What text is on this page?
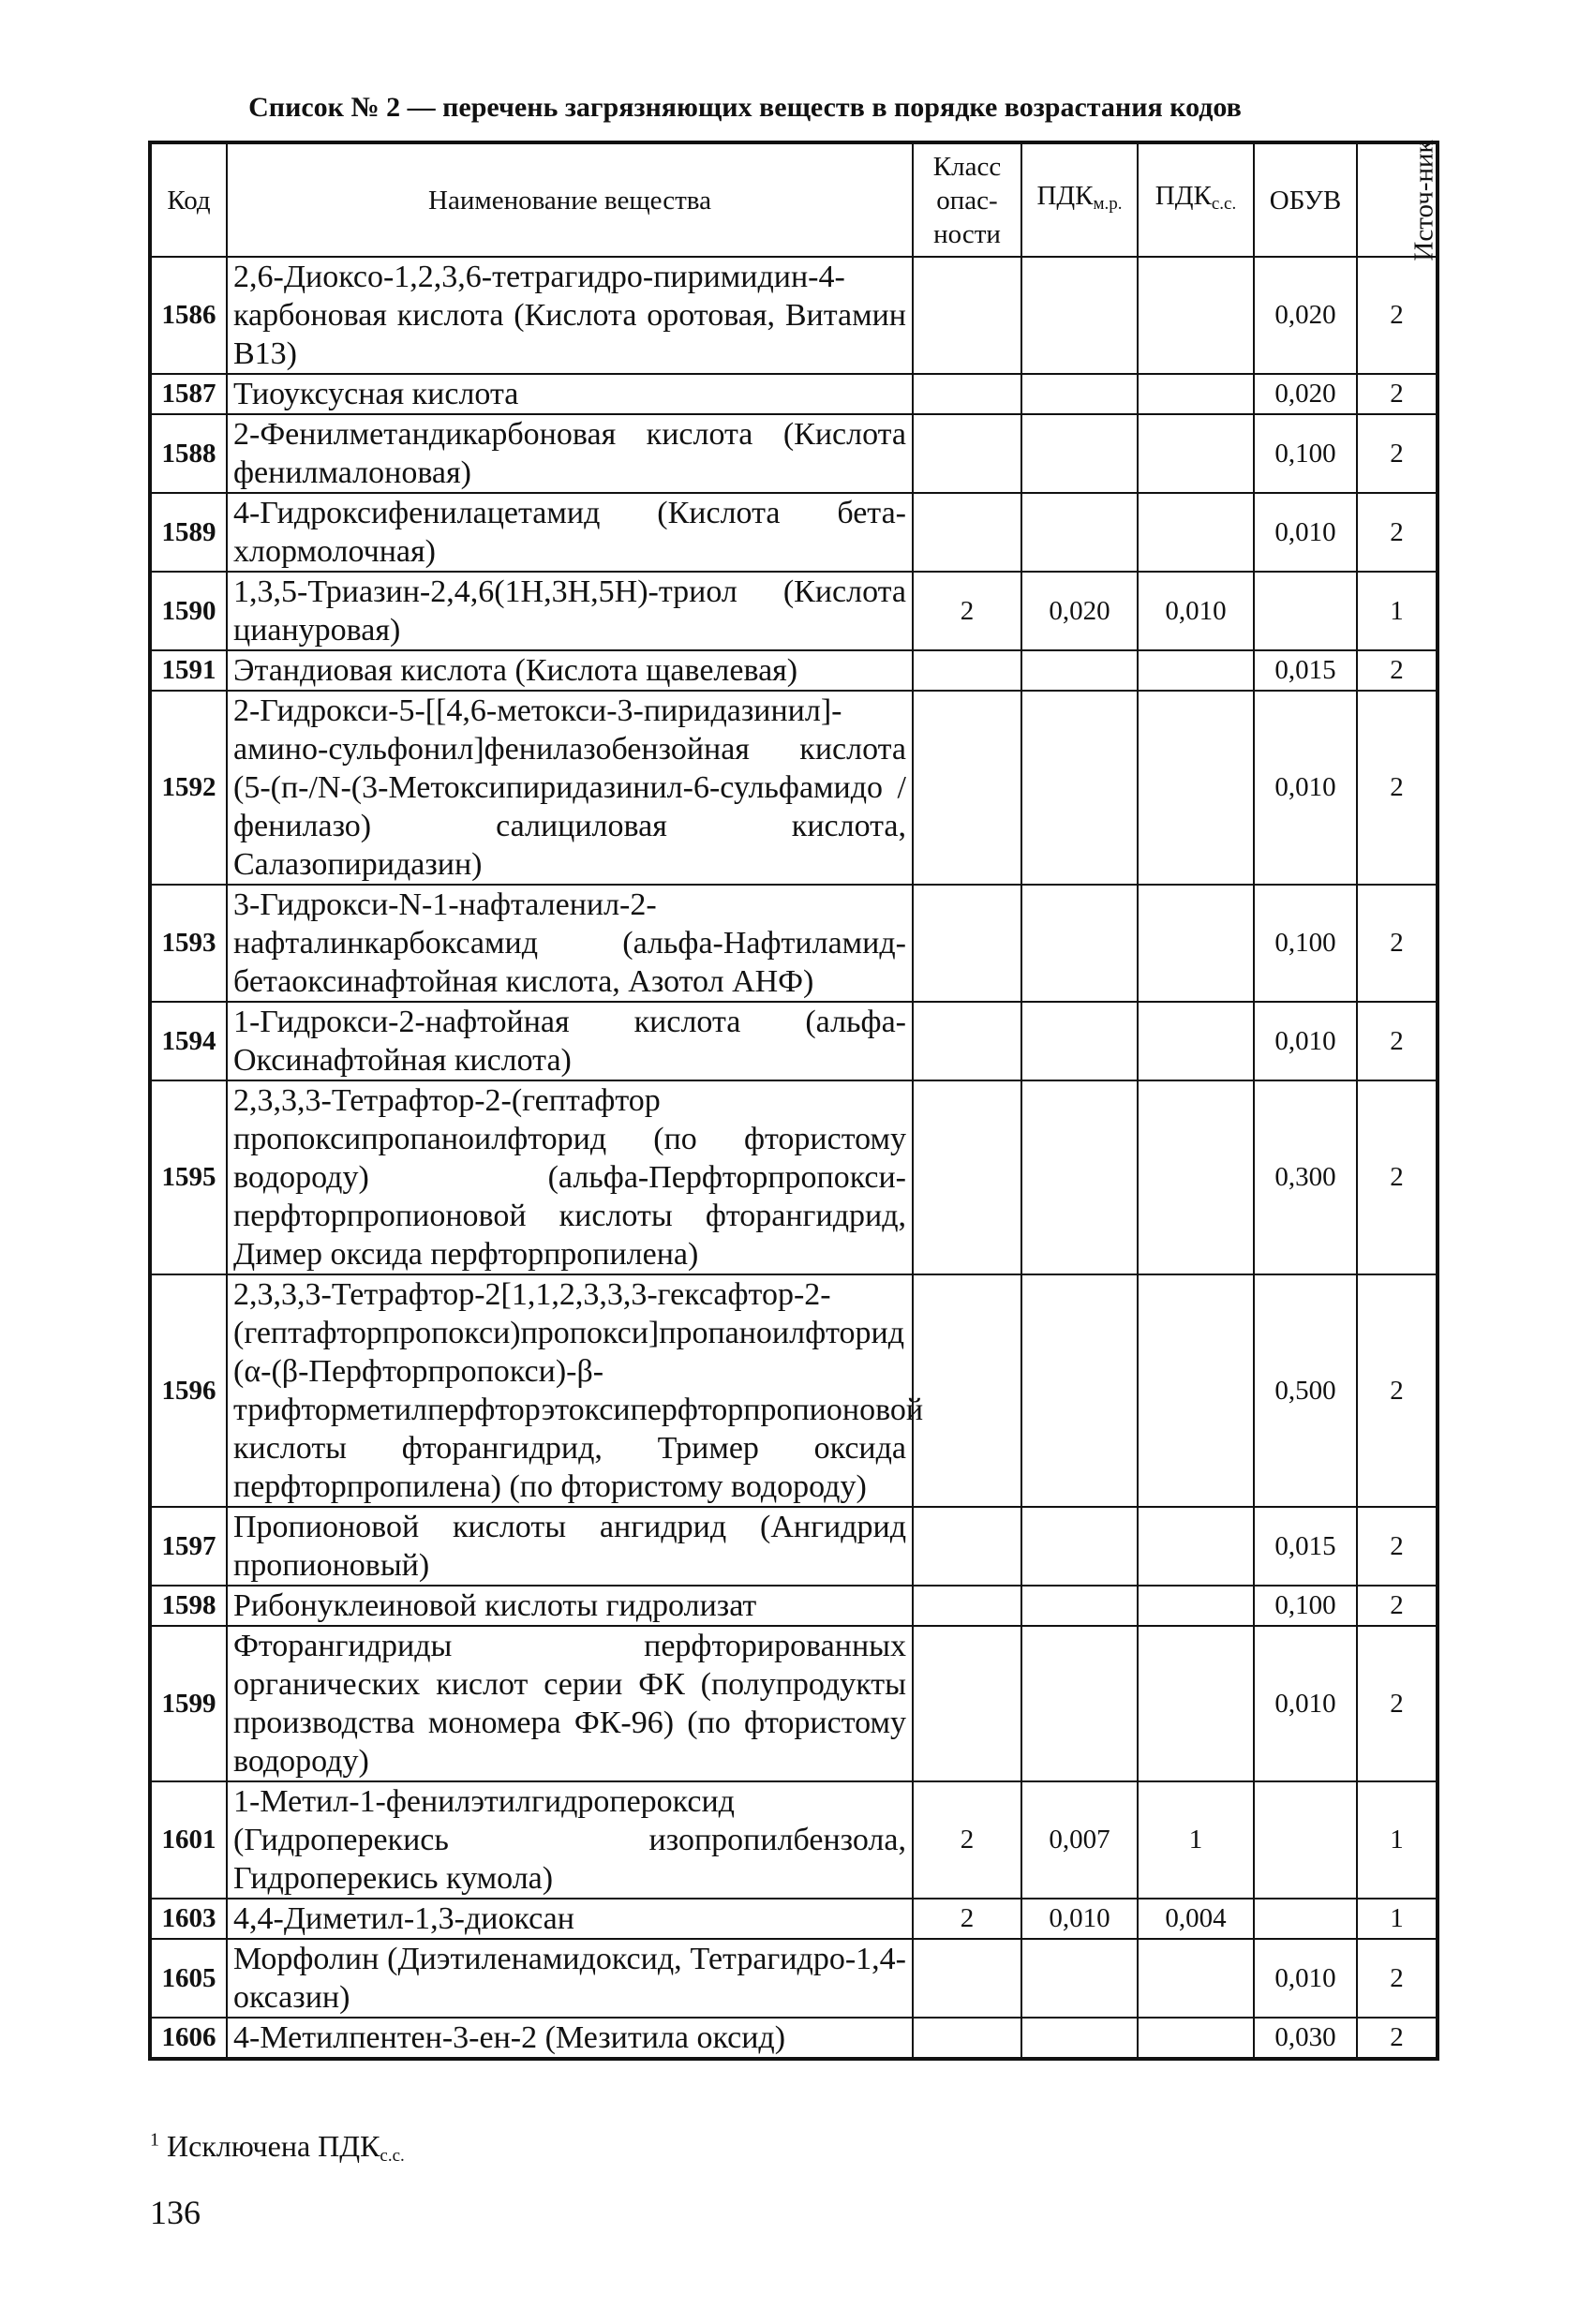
Список № 2 — перечень загрязняющих веществ в порядке возрастания кодов
Код	Наименование вещества	Класс опас-ности	$ПДК_{м.р.}$	$ПДК_{с.с.}$	ОБУВ	Источ-ник
1586	2,6-Диоксо-1,2,3,6-тетрагидро-пиримидин-4-карбоновая кислота (Кислота оротовая, Витамин B13)				0,020	2
1587	Тиоуксусная кислота				0,020	2
1588	2-Фенилметандикарбоновая кислота (Кислота фенилмалоновая)				0,100	2
1589	4-Гидроксифенилацетамид (Кислота бета-хлормолочная)				0,010	2
1590	1,3,5-Триазин-2,4,6(1H,3H,5H)-триол (Кислота циануровая)	2	0,020	0,010		1
1591	Этандиовая кислота (Кислота щавелевая)				0,015	2
1592	2-Гидрокси-5-[[4,6-метокси-3-пиридазинил]-амино-сульфонил]фенилазобензойная кислота (5-(п-/N-(3-Метоксипиридазинил-6-сульфамидо / фенилазо) салициловая кислота, Салазопиридазин)				0,010	2
1593	3-Гидрокси-N-1-нафталенил-2-нафталинкарбоксамид (альфа-Нафтиламид-бетаоксинафтойная кислота, Азотол АНФ)				0,100	2
1594	1-Гидрокси-2-нафтойная кислота (альфа-Оксинафтойная кислота)				0,010	2
1595	2,3,3,3-Тетрафтор-2-(гептафтор пропоксипропаноилфторид (по фтористому водороду) (альфа-Перфторпропокси-перфторпропионовой кислоты фторангидрид, Димер оксида перфторпропилена)				0,300	2
1596	2,3,3,3-Тетрафтор-2[1,1,2,3,3,3-гексафтор-2-(гептафторпропокси)пропокси]пропаноилфторид (α-(β-Перфторпропокси)-β-трифторметилперфторэтоксиперфторпропионовой кислоты фторангидрид, Тример оксида перфторпропилена) (по фтористому водороду)				0,500	2
1597	Пропионовой кислоты ангидрид (Ангидрид пропионовый)				0,015	2
1598	Рибонуклеиновой кислоты гидролизат				0,100	2
1599	Фторангидриды перфторированных органических кислот серии ФК (полупродукты производства мономера ФК-96) (по фтористому водороду)				0,010	2
1601	1-Метил-1-фенилэтилгидропероксид (Гидроперекись изопропилбензола, Гидроперекись кумола)	2	0,007	1		1
1603	4,4-Диметил-1,3-диоксан	2	0,010	0,004		1
1605	Морфолин (Диэтиленамидоксид, Тетрагидро-1,4-оксазин)				0,010	2
1606	4-Метилпентен-3-ен-2 (Мезитила оксид)				0,030	2
$^1$ Исключена $ПДК_{с.с.}$
136
